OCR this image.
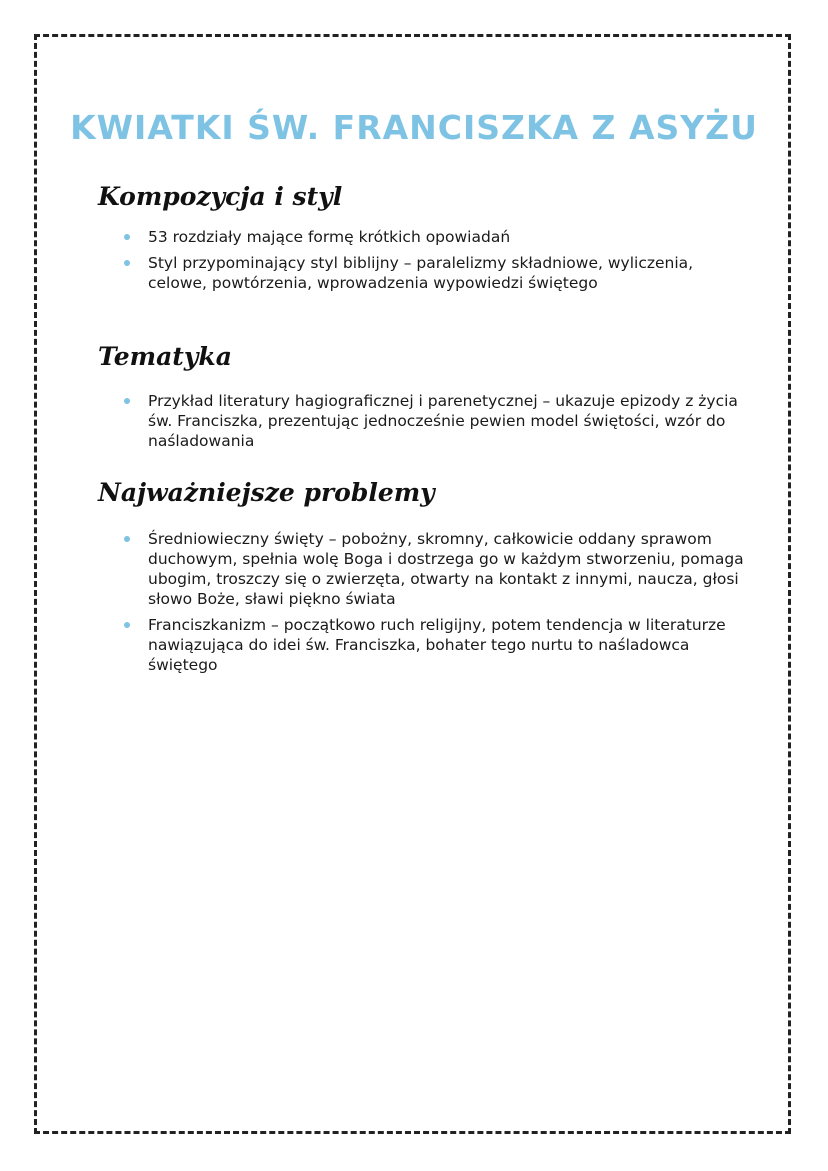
KWIATKI ŚW. FRANCISZKA Z ASYŻU
Kompozycja i styl
53 rozdziały mające formę krótkich opowiadań
Styl przypominający styl biblijny – paralelizmy składniowe, wyliczenia, celowe, powtórzenia, wprowadzenia wypowiedzi świętego
Tematyka
Przykład literatury hagiograficznej i parenetycznej – ukazuje epizody z życia św. Franciszka, prezentując jednocześnie pewien model świętości, wzór do naśladowania
Najważniejsze problemy
Średniowieczny święty – pobożny, skromny, całkowicie oddany sprawom duchowym, spełnia wolę Boga i dostrzega go w każdym stworzeniu, pomaga ubogim, troszczy się o zwierzęta, otwarty na kontakt z innymi, naucza, głosi słowo Boże, sławi piękno świata
Franciszkanizm – początkowo ruch religijny, potem tendencja w literaturze nawiązująca do idei św. Franciszka, bohater tego nurtu to naśladowca świętego
